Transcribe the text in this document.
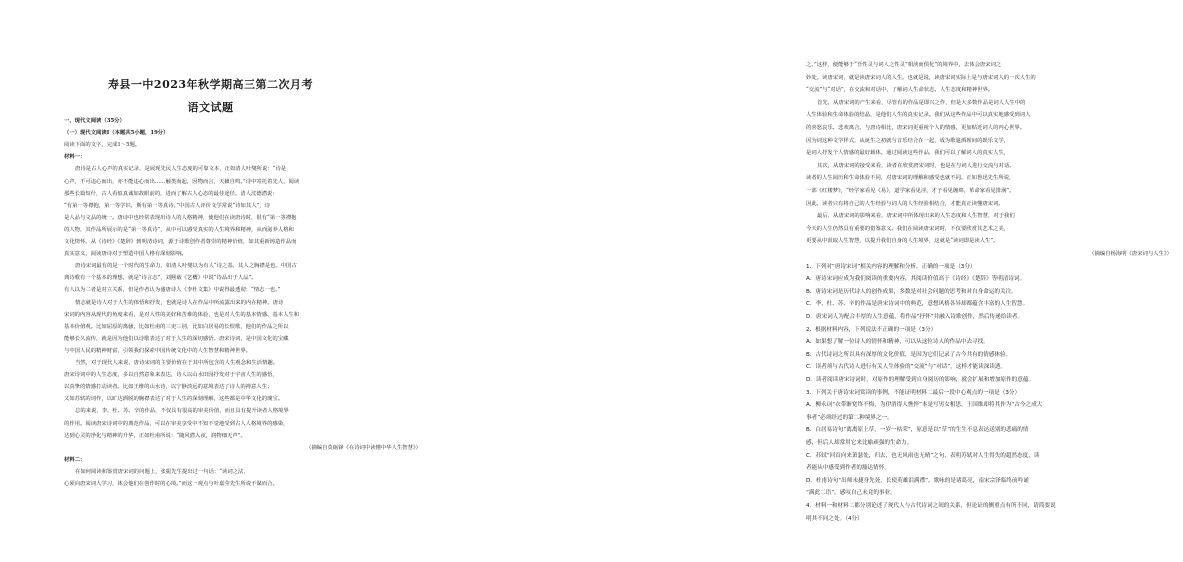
寿县一中2023年秋学期高三第二次月考
语文试题
一、现代文阅读（35分）
（一）现代文阅读Ⅰ（本题共5小题，19分）
阅读下面的文字，完成1～5题。
材料一：
唐诗是古人心声的真实记录，是展现先民人生态度的可靠文本，正如清人叶燮所说：“诗是
心声，不可违心而出，亦不能违心而出……触类而起，因物而言，天籁自鸣。”诗中寄托着先人，阅读
那些长篇短什，古人看似真诚如故眼前的，进而了解古人心态的最佳途径。清人沈德潜说：
“有第一等襟抱，第一等学识，斯有第一等真诗。”中国古人评价文学常说“诗如其人”，诗
是人品与文品的统一。唐诗中也经常表现出诗人的人格精神，使他们在读唐诗时，很有“第一等襟抱
的人物，其作品所展示的是“第一等真诗”，从中可以感受真实的人生境界和精神，从而滋养人格和
文化情怀。从《诗经》《楚辞》到明清诗词，源于诗歌创作者尊崇的精神价值，如其重新铸造作品而
真实意义，阅读唐诗对于塑造中国人格有深刻影响。
唐诗宋词最有的是一个时代的生命力，如清人叶燮以为有人“诗之基，其人之胸襟是也。中国古
典诗歌有一个基本的理想，就是“诗言志”，刘熙载《艺概》中说“诗品出于人品”。
有人以为二者是对立关系，但是作者认为盛唐诗人《李杜文集》中说得最透彻：“情志一也。”
情志就是诗人对于人生的体悟和抒发，也就是诗人在作品中所流露出来的内在精神。唐诗
宋词的内容从现代的角度来看，是对人性的美好和苦难的体验，也是对人生的基本情感、基本人生和
基本价值观。比如屈原的离骚，比如杜甫的三吏三别，比如白居易的长恨歌，他们的作品之所以
能够长久流传，就是因为他们以诗歌表达了对于人生的深切感悟。唐宋诗词，是中国文化的宝藏
与中国人民的精神财富，引领我们探索中国传统文化中的人生智慧和精神世界。
当然，对于现代人来说，唐诗宋词的主要价值在于其中所包含的人生观念和生活情趣。
唐宋诗词中的人生态度，多以自然意象来表达，诗人以山水田园抒发对于宇宙人生的感悟，
以真挚的情感打动读者。比如王维的山水诗，以宁静淡远的意境表达了诗人的禅意人生；
又如苏轼的词作，以旷达洒脱的胸襟表达了对于人生的深刻理解，这些都是中华文化的瑰宝。
总的来说，李、杜、苏、辛的作品，不仅具有很高的审美价值，而且具有提升读者人格境界
的作用。阅读唐宋诗词中的典范作品，可以在审美享受中不知不觉地受到古人人格境界的感染，
达到心灵的净化与精神的升华，正如杜甫所说：“随风潜入夜，润物细无声”。
（摘编自莫砺锋《在诗词中读懂中华人生智慧》）
材料二：
在如何阅读和鉴赏唐宋词的问题上，张振先生提出过一句话：“读词之法，
心须向唐宋词人学习，体会他们在创作时的心境。”而这一观点与叶嘉莹先生所说不谋而合。
之。”这样，便能够于“吾性灵与词人之性灵”相浃而俱化”的境界中，去体会唐宋词之
妙处。读唐宋词，就是读唐宋词人的人生。也就是说，读唐宋词实际上是与唐宋词人的一次人生的
“交流”与“对话”，在交流和对话中，了解词人生命状态、人生态度和精神世界。
首先，从唐宋词的产生来看，尽管有的作品是即兴之作，但是大多数作品是词人人生中的
人生体验和生命体验的结晶，是他们人生的真实记录。我们从这些作品中可以真实地感受到词人
的喜怒哀乐、悲欢离合。与唐诗相比，唐宋词更重视个人的情感，更加贴近词人的内心世界。
因为词这种文学样式，从诞生之初就与音乐结合在一起，成为歌筵酒席间的娱乐文学，
是词人抒发个人情感的最好载体。通过阅读这些作品，我们可以了解词人的真实人生，
其次，从唐宋词的接受来看，读者在欣赏唐宋词时，也是在与词人进行交流与对话。
读者的人生阅历和生命体验不同，对唐宋词的理解和感受也就不同。正如鲁迅先生所说，
一部《红楼梦》，“经学家看见《易》，道学家看见淫，才子看见缠绵，革命家看见排满”。
因此，读者只有将自己的人生经验与词人的人生经验相结合，才能真正读懂唐宋词。
最后，从唐宋词的影响来看，唐宋词中所体现出来的人生态度和人生智慧，对于我们
今天的人生仍然具有重要的借鉴意义。我们在阅读唐宋词时，不仅要欣赏其艺术之美，
更要从中汲取人生智慧，以提升我们自身的人生境界，这就是“读词即是读人生”。
（摘编自杨海明《唐宋词与人生》）
1．下列对“唐诗宋词”相关内容的理解和分析，正确的一项是（3分）
A．唐诗宋词应成为我们阅读的重要内容，其阅读价值高于《诗经》《楚辞》等明清诗词。
B．唐诗宋词是历代诗人的创作成果，多数是对社会问题的思考和对自身命运的关注。
C．李、杜、苏、辛的作品是唐宋诗词中的典范，意想风格各异却都蕴含丰富的人生智慧。
D．唐宋词人为配合丰厚的人生意蕴，将作品“抒怀”并融入诗歌创作，然后传递给读者。
2．根据材料内容，下列说法不正确的一项是（3分）
A．如果想了解一位诗人的情怀和精神，可以从这位诗人的作品中去寻找。
B．古代诗词之所以具有深厚的文化价值，是因为它们记录了古今共有的情感体验。
C．读者须与古代诗人进行有关人生体验的“交流”与“对话”，这样才能读深读透。
D．读者阅读唐宋诗词时，对原作的理解受到自身阅历的影响，就会扩展和增加原作的意蕴。
3．下列关于唐诗宋词赏读的事例，不能证明材料二最后一段中心观点的一项是（3分）
A．柳永词“衣带渐宽终不悔，为伊消得人憔悴”本是写男女相思，王国维却将其作为“古今之成大
事者”必须经过的第二种境界之一。
B．白居易诗句“离离原上草，一岁一枯荣”，原意是以“草”的生生不息表达送别的悲痛的情
感，但后人却常用它来比喻顽强的生命力。
C．苏轼“回首向来萧瑟处，归去，也无风雨也无晴”之句，表明苏轼对人生得失的超然态度，读
者能从中感受到作者的豁达情怀。
D．杜甫诗句“出师未捷身先死，长使英雄泪满襟”，歌咏的是诸葛亮，南宋宗泽临终前吟诵
“满此二语”，感叹自己未竟的事业。
4．材料一和材料二都分别论述了现代人与古代诗词之间的关系，但论证的侧重点有所不同，请简要说
明其不同之处。（4分）
